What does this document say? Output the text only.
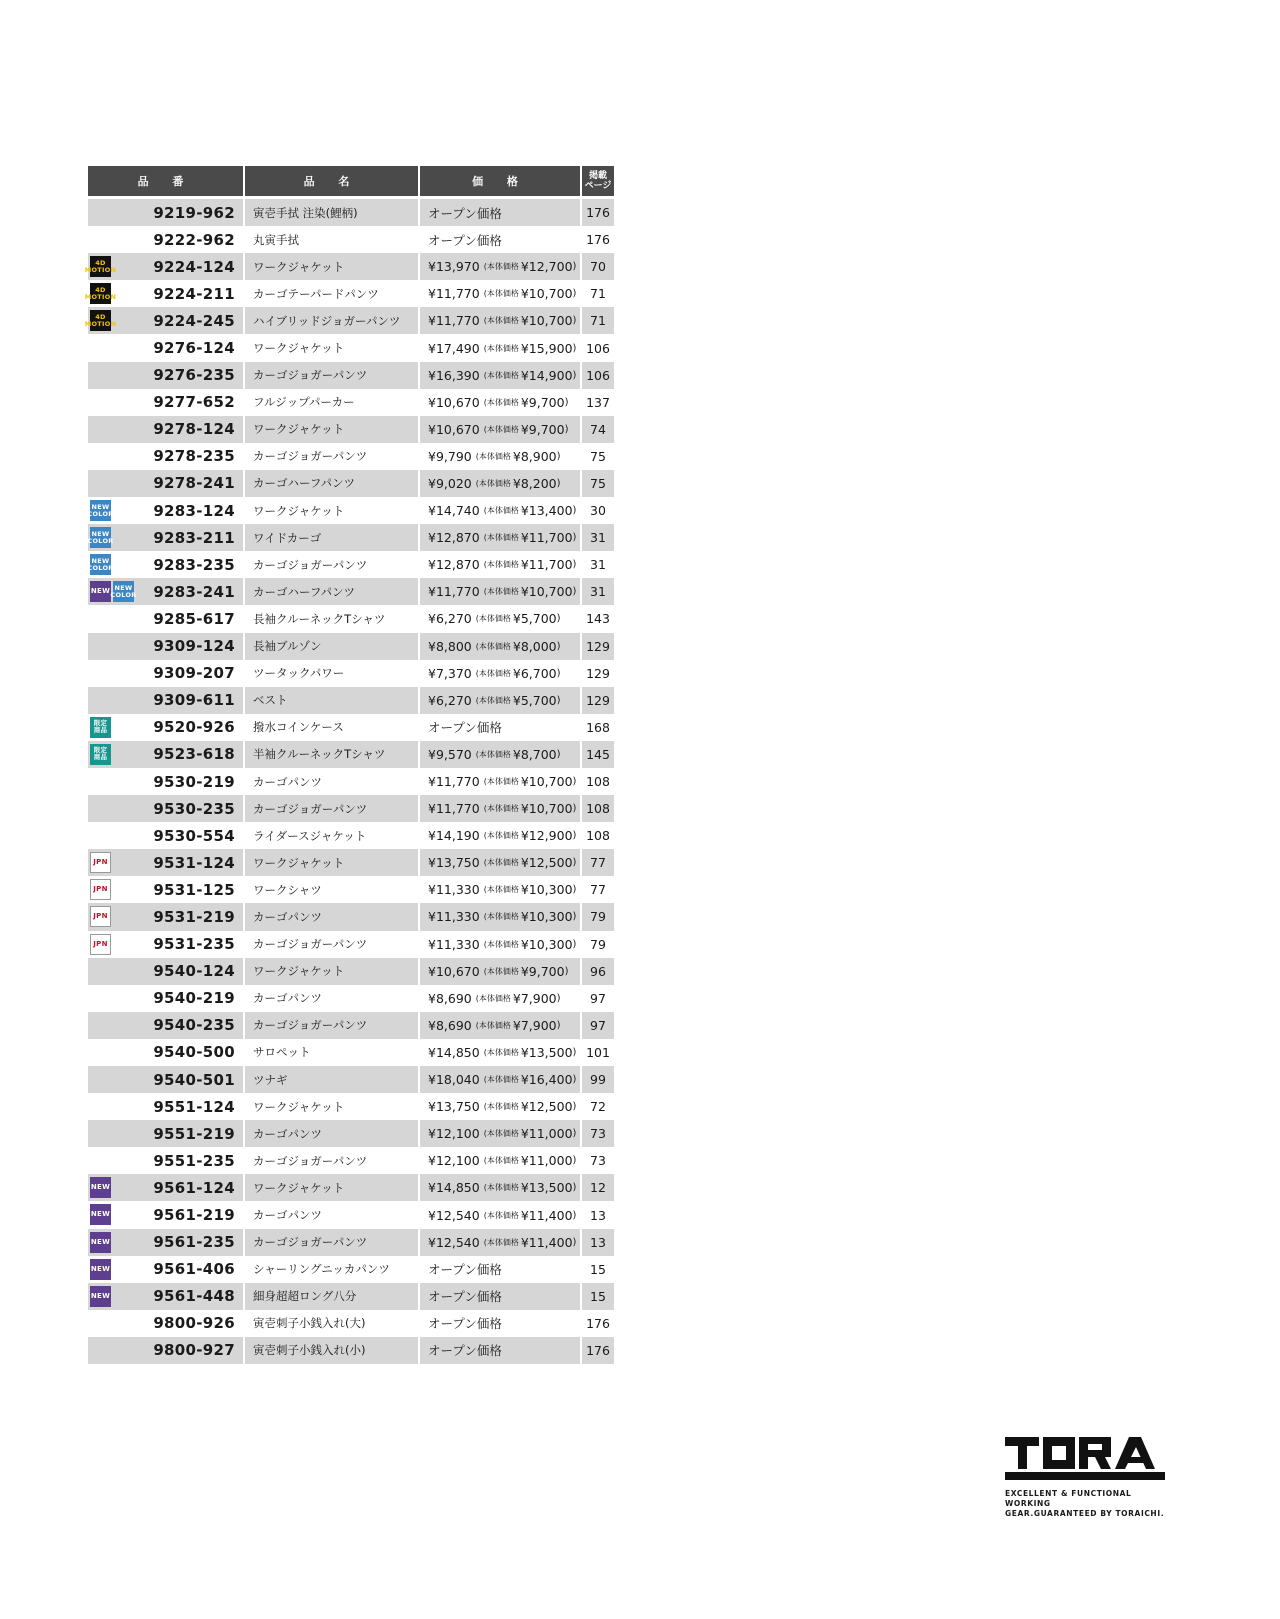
品 番	品 名	価 格	掲載
ページ
9219-962	寅壱手拭 注染(鯉柄)	オープン価格	176
9222-962	丸寅手拭	オープン価格	176
4D
MOTION 9224-124	ワークジャケット	¥13,970 ( 本体価格 ¥12,700 )	70
4D
MOTION 9224-211	カーゴテーパードパンツ	¥11,770 ( 本体価格 ¥10,700 )	71
4D
MOTION 9224-245	ハイブリッドジョガーパンツ	¥11,770 ( 本体価格 ¥10,700 )	71
9276-124	ワークジャケット	¥17,490 ( 本体価格 ¥15,900 ) 106
9276-235	カーゴジョガーパンツ	¥16,390 ( 本体価格 ¥14,900 ) 106
9277-652	フルジップパーカー	¥10,670 ( 本体価格 ¥9,700 )	137
9278-124	ワークジャケット	¥10,670 ( 本体価格 ¥9,700 )	74
9278-235	カーゴジョガーパンツ	¥9,790 ( 本体価格 ¥8,900 )	75
9278-241	カーゴハーフパンツ	¥9,020 ( 本体価格 ¥8,200 )	75
NEW
COLOR	9283-124	ワークジャケット	¥14,740 ( 本体価格 ¥13,400 )	30
NEW
COLOR	9283-211	ワイドカーゴ	¥12,870 ( 本体価格 ¥11,700 )	31
NEW
COLOR	9283-235	カーゴジョガーパンツ	¥12,870 ( 本体価格 ¥11,700 )	31
NEW NEW
COLOR 9283-241	カーゴハーフパンツ	¥11,770 ( 本体価格 ¥10,700 )	31
9285-617	長袖クルーネックTシャツ	¥6,270 ( 本体価格 ¥5,700 )	143
9309-124	長袖ブルゾン	¥8,800 ( 本体価格 ¥8,000 )	129
9309-207	ツータックパワー	¥7,370 ( 本体価格 ¥6,700 )	129
9309-611	ベスト	¥6,270 ( 本体価格 ¥5,700 )	129
限定
商品	9520-926	撥水コインケース	オープン価格	168
限定
商品	9523-618	半袖クルーネックTシャツ	¥9,570 ( 本体価格 ¥8,700 )	145
9530-219	カーゴパンツ	¥11,770 ( 本体価格 ¥10,700 ) 108
9530-235	カーゴジョガーパンツ	¥11,770 ( 本体価格 ¥10,700 ) 108
9530-554	ライダースジャケット	¥14,190 ( 本体価格 ¥12,900 ) 108
JPN	9531-124	ワークジャケット	¥13,750 ( 本体価格 ¥12,500 )	77
JPN	9531-125	ワークシャツ	¥11,330 ( 本体価格 ¥10,300 )	77
JPN	9531-219	カーゴパンツ	¥11,330 ( 本体価格 ¥10,300 )	79
JPN	9531-235	カーゴジョガーパンツ	¥11,330 ( 本体価格 ¥10,300 )	79
9540-124	ワークジャケット	¥10,670 ( 本体価格 ¥9,700 )	96
9540-219	カーゴパンツ	¥8,690 ( 本体価格 ¥7,900 )	97
9540-235	カーゴジョガーパンツ	¥8,690 ( 本体価格 ¥7,900 )	97
9540-500	サロペット	¥14,850 ( 本体価格 ¥13,500 ) 101
9540-501	ツナギ	¥18,040 ( 本体価格 ¥16,400 )	99
9551-124	ワークジャケット	¥13,750 ( 本体価格 ¥12,500 )	72
9551-219	カーゴパンツ	¥12,100 ( 本体価格 ¥11,000 )	73
9551-235	カーゴジョガーパンツ	¥12,100 ( 本体価格 ¥11,000 )	73
NEW	9561-124	ワークジャケット	¥14,850 ( 本体価格 ¥13,500 )	12
NEW	9561-219	カーゴパンツ	¥12,540 ( 本体価格 ¥11,400 )	13
NEW	9561-235	カーゴジョガーパンツ	¥12,540 ( 本体価格 ¥11,400 )	13
NEW	9561-406	シャーリングニッカパンツ	オープン価格	15
NEW	9561-448	細身超超ロング八分	オープン価格	15
9800-926	寅壱刺子小銭入れ(大)	オープン価格	176
9800-927	寅壱刺子小銭入れ(小)	オープン価格	176
EXCELLENT & FUNCTIONAL WORKING
GEAR.GUARANTEED BY TORAICHI.
